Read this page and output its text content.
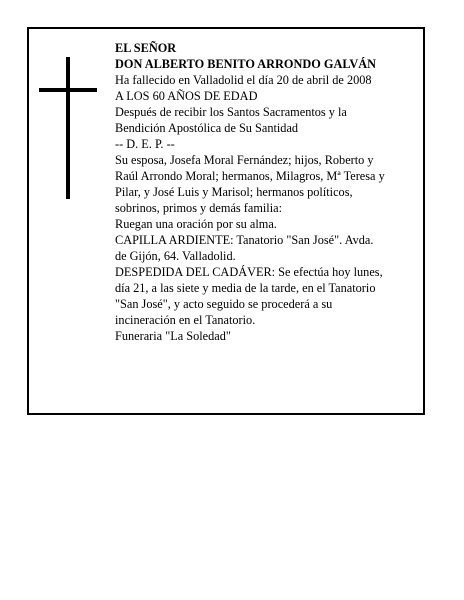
EL SEÑOR
DON ALBERTO BENITO ARRONDO GALVÁN
Ha fallecido en Valladolid el día 20 de abril de 2008
A LOS 60 AÑOS DE EDAD
Después de recibir los Santos Sacramentos y la
Bendición Apostólica de Su Santidad
-- D. E. P. --
Su esposa, Josefa Moral Fernández; hijos, Roberto y
Raúl Arrondo Moral; hermanos, Milagros, Mª Teresa y
Pilar, y José Luis y Marisol; hermanos políticos,
sobrinos, primos y demás familia:
Ruegan una oración por su alma.
CAPILLA ARDIENTE: Tanatorio "San José". Avda.
de Gijón, 64. Valladolid.
DESPEDIDA DEL CADÁVER: Se efectúa hoy lunes,
día 21, a las siete y media de la tarde, en el Tanatorio
"San José", y acto seguido se procederá a su
incineración en el Tanatorio.
Funeraria "La Soledad"
